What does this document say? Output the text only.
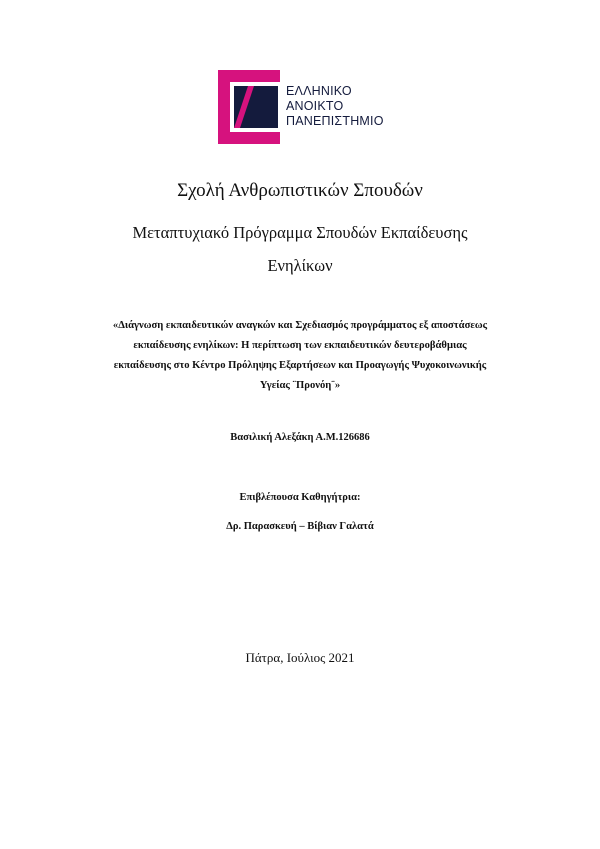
ΕΛΛΗΝΙΚΟ
ΑΝΟΙΚΤΟ
ΠΑΝΕΠΙΣΤΗΜΙΟ
Σχολή Ανθρωπιστικών Σπουδών
Μεταπτυχιακό Πρόγραμμα Σπουδών Εκπαίδευσης
Ενηλίκων
«Διάγνωση εκπαιδευτικών αναγκών και Σχεδιασμός προγράμματος εξ αποστάσεως
εκπαίδευσης ενηλίκων: Η περίπτωση των εκπαιδευτικών δευτεροβάθμιας
εκπαίδευσης στο Κέντρο Πρόληψης Εξαρτήσεων και Προαγωγής Ψυχοκοινωνικής
Υγείας ¨Προνόη¨»
Βασιλική Αλεξάκη Α.Μ.126686
Επιβλέπουσα Καθηγήτρια:
Δρ. Παρασκευή – Βίβιαν Γαλατά
Πάτρα, Ιούλιος 2021
